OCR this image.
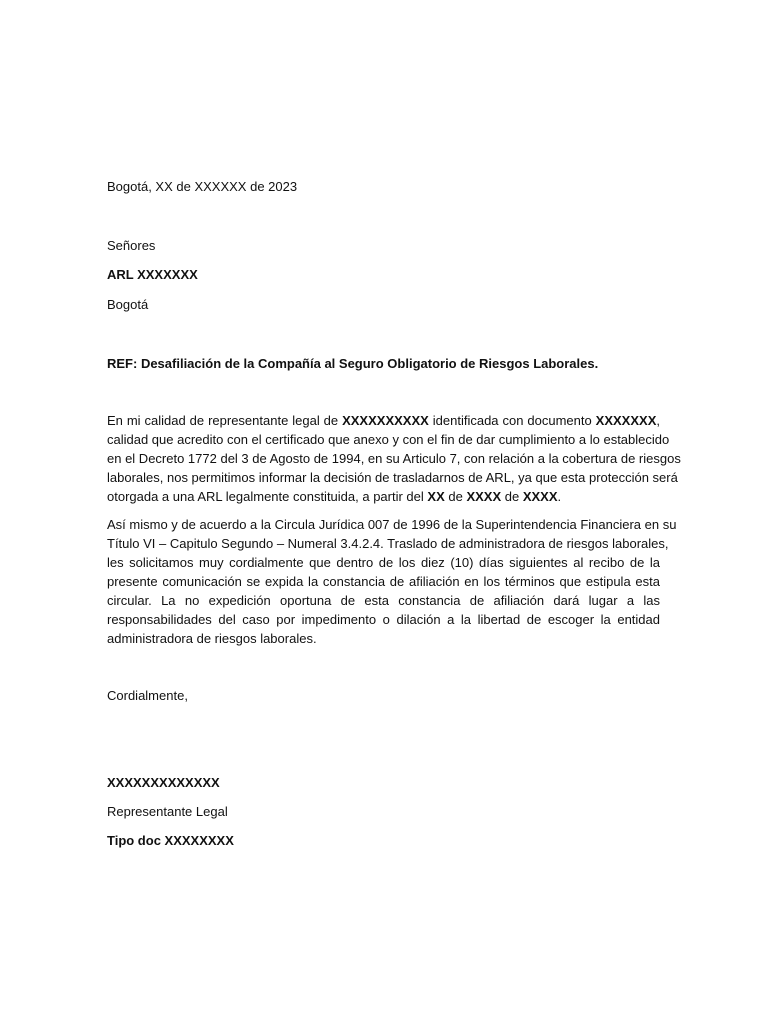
Bogotá, XX de XXXXXX de 2023
Señores
ARL XXXXXXX
Bogotá
REF: Desafiliación de la Compañía al Seguro Obligatorio de Riesgos Laborales.
En mi calidad de representante legal de XXXXXXXXXX identificada con documento XXXXXXX,
calidad que acredito con el certificado que anexo y con el fin de dar cumplimiento a lo establecido
en el Decreto 1772 del 3 de Agosto de 1994, en su Articulo 7, con relación a la cobertura de riesgos
laborales, nos permitimos informar la decisión de trasladarnos de ARL, ya que esta protección será
otorgada a una ARL legalmente constituida, a partir del XX de XXXX de XXXX.
Así mismo y de acuerdo a la Circula Jurídica 007 de 1996 de la Superintendencia Financiera en su
Título VI – Capitulo Segundo – Numeral 3.4.2.4. Traslado de administradora de riesgos laborales,
les solicitamos muy cordialmente que dentro de los diez (10) días siguientes al recibo de la
presente comunicación se expida la constancia de afiliación en los términos que estipula esta
circular. La no expedición oportuna de esta constancia de afiliación dará lugar a las
responsabilidades del caso por impedimento o dilación a la libertad de escoger la entidad
administradora de riesgos laborales.
Cordialmente,
XXXXXXXXXXXXX
Representante Legal
Tipo doc XXXXXXXX
